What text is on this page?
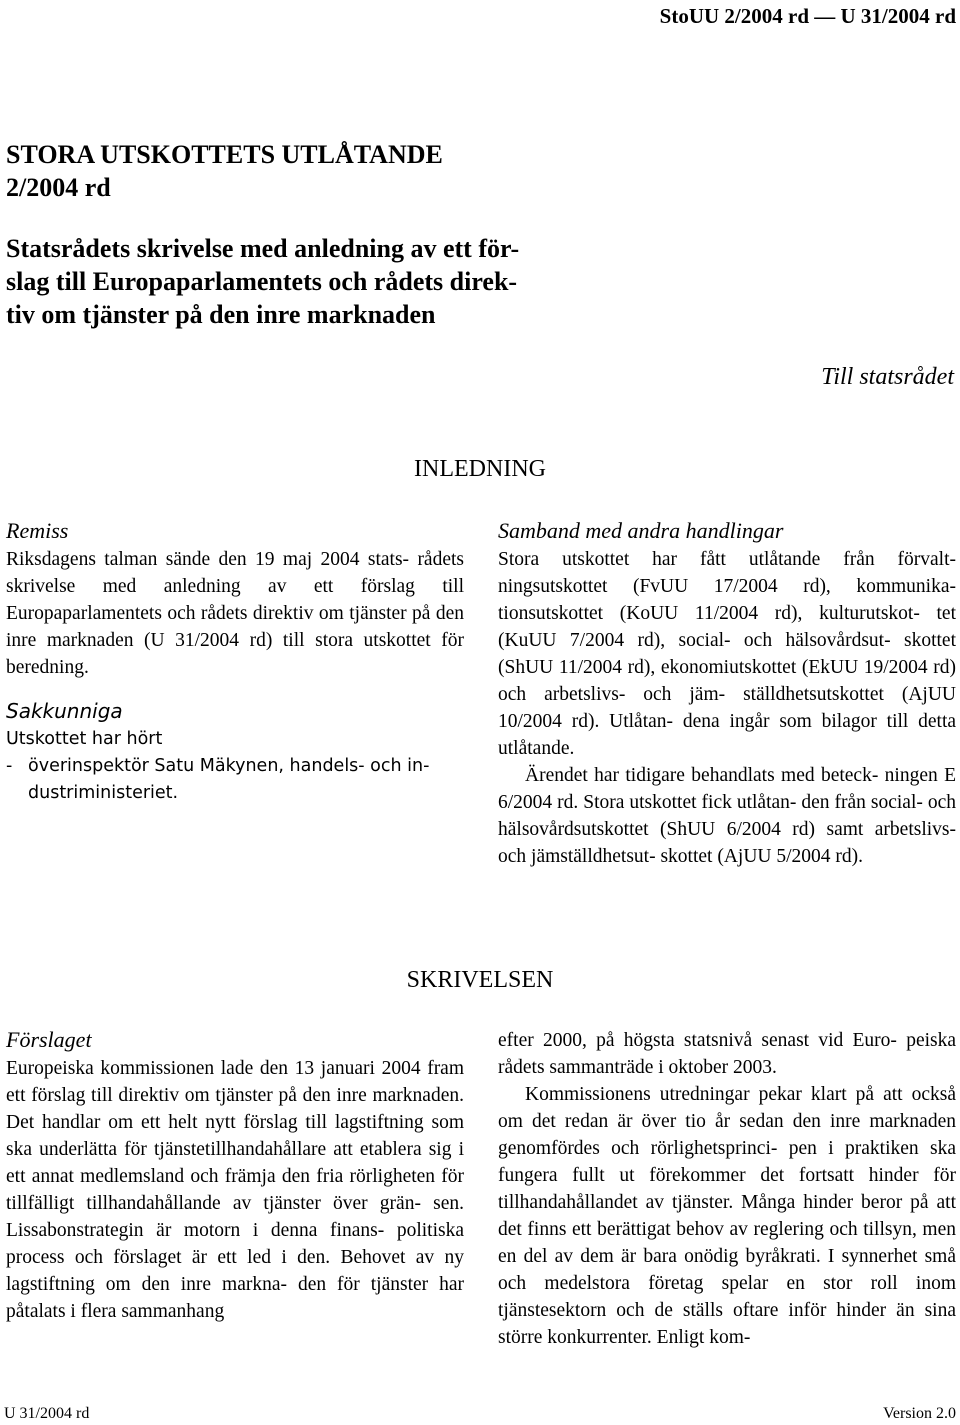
StoUU 2/2004 rd — U 31/2004 rd
STORA UTSKOTTETS UTLÅTANDE
2/2004 rd
Statsrådets skrivelse med anledning av ett för-
slag till Europaparlamentets och rådets direk-
tiv om tjänster på den inre marknaden
Till statsrådet
INLEDNING

Remiss

Riksdagens talman sände den 19 maj 2004 stats- rådets skrivelse med anledning av ett förslag till Europaparlamentets och rådets direktiv om tjänster på den inre marknaden (U 31/2004 rd) till stora utskottet för beredning.

Sakkunniga

Utskottet har hört

- överinspektör Satu Mäkynen, handels- och in- dustriministeriet.

Samband med andra handlingar

Stora utskottet har fått utlåtande från förvalt- ningsutskottet (FvUU 17/2004 rd), kommunika- tionsutskottet (KoUU 11/2004 rd), kulturutskot- tet (KuUU 7/2004 rd), social- och hälsovårdsut- skottet (ShUU 11/2004 rd), ekonomiutskottet (EkUU 19/2004 rd) och arbetslivs- och jäm- ställdhetsutskottet (AjUU 10/2004 rd). Utlåtan- dena ingår som bilagor till detta utlåtande.

Ärendet har tidigare behandlats med beteck- ningen E 6/2004 rd. Stora utskottet fick utlåtan- den från social- och hälsovårdsutskottet (ShUU 6/2004 rd) samt arbetslivs- och jämställdhetsut- skottet (AjUU 5/2004 rd).

SKRIVELSEN

Förslaget

Europeiska kommissionen lade den 13 januari 2004 fram ett förslag till direktiv om tjänster på den inre marknaden. Det handlar om ett helt nytt förslag till lagstiftning som ska underlätta för tjänstetillhandahållare att etablera sig i ett annat medlemsland och främja den fria rörligheten för tillfälligt tillhandahållande av tjänster över grän- sen. Lissabonstrategin är motorn i denna finans- politiska process och förslaget är ett led i den. Behovet av ny lagstiftning om den inre markna- den för tjänster har påtalats i flera sammanhang

efter 2000, på högsta statsnivå senast vid Euro- peiska rådets sammanträde i oktober 2003.

Kommissionens utredningar pekar klart på att också om det redan är över tio år sedan den inre marknaden genomfördes och rörlighetsprinci- pen i praktiken ska fungera fullt ut förekommer det fortsatt hinder för tillhandahållandet av tjänster. Många hinder beror på att det finns ett berättigat behov av reglering och tillsyn, men en del av dem är bara onödig byråkrati. I synnerhet små och medelstora företag spelar en stor roll inom tjänstesektorn och de ställs oftare inför hinder än sina större konkurrenter. Enligt kom-

U 31/2004 rd	Version 2.0
